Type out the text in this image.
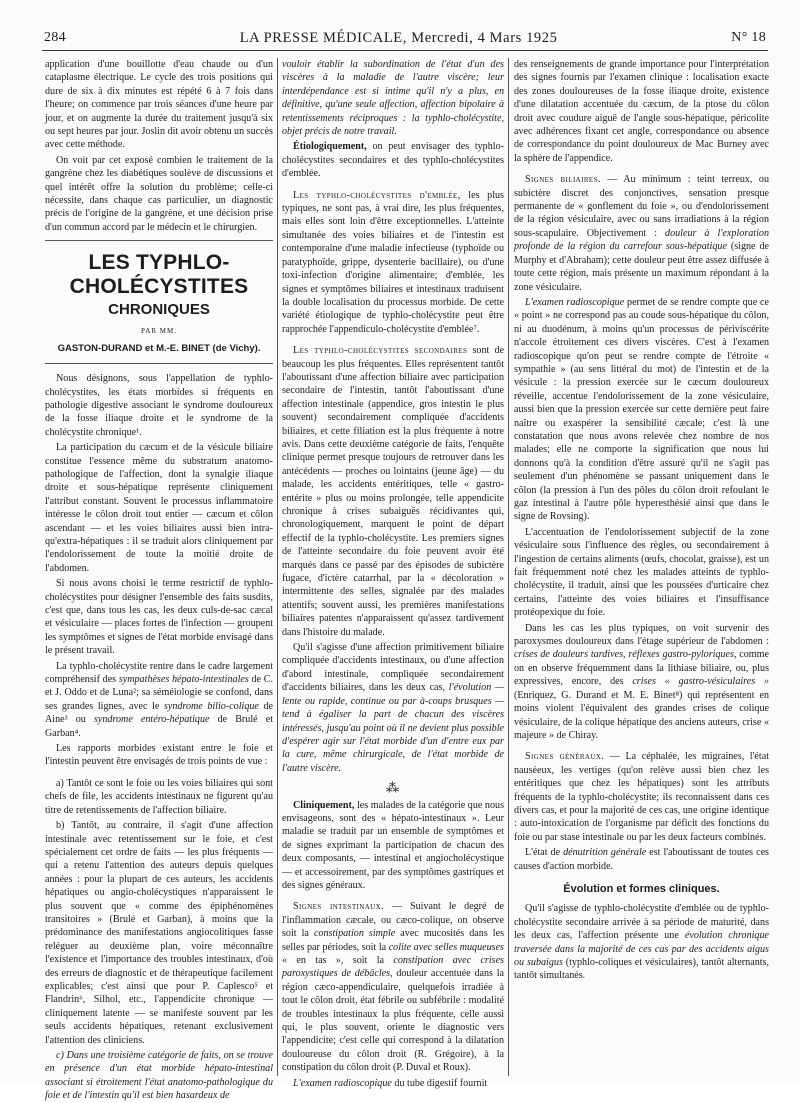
284	LA PRESSE MÉDICALE, Mercredi, 4 Mars 1925	N° 18

application d'une bouillotte d'eau chaude ou d'un cataplasme électrique. Le cycle des trois positions qui dure de six à dix minutes est répété 6 à 7 fois dans l'heure; on commence par trois séances d'une heure par jour, et on augmente la durée du traitement jusqu'à six ou sept heures par jour. Joslin dit avoir obtenu un succès avec cette méthode.

On voit par cet exposé combien le traitement de la gangrène chez les diabétiques soulève de discussions et quel intérêt offre la solution du problème; celle-ci nécessite, dans chaque cas particulier, un diagnostic précis de l'origine de la gangrène, et une décision prise d'un commun accord par le médecin et le chirurgien.

LES TYPHLO-CHOLÉCYSTITES
CHRONIQUES
PAR MM.
GASTON-DURAND et M.-E. BINET (de Vichy).

Nous désignons, sous l'appellation de typhlo-cholécystites, les états morbides si fréquents en pathologie digestive associant le syndrome douloureux de la fosse iliaque droite et le syndrome de la cholécystite chronique¹.

La participation du cæcum et de la vésicule biliaire constitue l'essence même du substratum anatomo-pathologique de l'affection, dont la synalgie iliaque droite et sous-hépatique représente cliniquement l'attribut constant. Souvent le processus inflammatoire intéresse le côlon droit tout entier — cæcum et côlon ascendant — et les voies biliaires aussi bien intra- qu'extra-hépatiques : il se traduit alors cliniquement par l'endolorissement de toute la moitié droite de l'abdomen.

Si nous avons choisi le terme restrictif de typhlo-cholécystites pour désigner l'ensemble des faits susdits, c'est que, dans tous les cas, les deux culs-de-sac cæcal et vésiculaire — places fortes de l'infection — groupent les symptômes et signes de l'état morbide envisagé dans le présent travail.

La typhlo-cholécystite rentre dans le cadre largement compréhensif des sympathèses hépato-intestinales de C. et J. Oddo et de Luna²; sa séméiologie se confond, dans ses grandes lignes, avec le syndrome bilio-colique de Aine³ ou syndrome entéro-hépatique de Brulé et Garban⁴.

Les rapports morbides existant entre le foie et l'intestin peuvent être envisagés de trois points de vue :

a) Tantôt ce sont le foie ou les voies biliaires qui sont chefs de file, les accidents intestinaux ne figurent qu'au titre de retentissements de l'affection biliaire.

b) Tantôt, au contraire, il s'agit d'une affection intestinale avec retentissement sur le foie, et c'est spécialement cet ordre de faits — les plus fréquents — qui a retenu l'attention des auteurs depuis quelques années : pour la plupart de ces auteurs, les accidents hépatiques ou angio-cholécystiques n'apparaissent le plus souvent que « comme des épiphénomènes transitoires » (Brulé et Garban), à moins que la prédominance des manifestations angiocolitiques fasse reléguer au deuxième plan, voire méconnaître l'existence et l'importance des troubles intestinaux, d'où des erreurs de diagnostic et de thérapeutique facilement explicables; c'est ainsi que pour P. Caplesco⁵ et Flandrin⁶, Silhol, etc., l'appendicite chronique — cliniquement latente — se manifeste souvent par les seuls accidents hépatiques, retenant exclusivement l'attention des cliniciens.

c) Dans une troisième catégorie de faits, on se trouve en présence d'un état morbide hépato-intestinal associant si étroitement l'état anatomo-pathologique du foie et de l'intestin qu'il est bien hasardeux de

vouloir établir la subordination de l'état d'un des viscères à la maladie de l'autre viscère; leur interdépendance est si intime qu'il n'y a plus, en définitive, qu'une seule affection, affection bipolaire à retentissements réciproques : la typhlo-cholécystite, objet précis de notre travail.

Étiologiquement, on peut envisager des typhlo-cholécystites secondaires et des typhlo-cholécystites d'emblée.

Les typhlo-cholécystites d'emblée, les plus typiques, ne sont pas, à vrai dire, les plus fréquentes, mais elles sont loin d'être exceptionnelles. L'atteinte simultanée des voies biliaires et de l'intestin est contemporaine d'une maladie infectieuse (typhoïde ou paratyphoïde, grippe, dysenterie bacillaire), ou d'une toxi-infection d'origine alimentaire; d'emblée, les signes et symptômes biliaires et intestinaux traduisent la double localisation du processus morbide. De cette variété étiologique de typhlo-cholécystite peut être rapprochée l'appendiculo-cholécystite d'emblée⁷.

Les typhlo-cholécystites secondaires sont de beaucoup les plus fréquentes. Elles représentent tantôt l'aboutissant d'une affection biliaire avec participation secondaire de l'intestin, tantôt l'aboutissant d'une affection intestinale (appendice, gros intestin le plus souvent) secondairement compliquée d'accidents biliaires, et cette filiation est la plus fréquente à notre avis. Dans cette deuxième catégorie de faits, l'enquête clinique permet presque toujours de retrouver dans les antécédents — proches ou lointains (jeune âge) — du malade, les accidents entéritiques, telle « gastro-entérite » plus ou moins prolongée, telle appendicite chronique à crises subaiguës récidivantes qui, chronologiquement, marquent le point de départ effectif de la typhlo-cholécystite. Les premiers signes de l'atteinte secondaire du foie peuvent avoir été marqués dans ce passé par des épisodes de subictère fugace, d'ictère catarrhal, par la « décoloration » intermittente des selles, signalée par des malades attentifs; souvent aussi, les premières manifestations biliaires patentes n'apparaissent qu'assez tardivement dans l'histoire du malade.

Qu'il s'agisse d'une affection primitivement biliaire compliquée d'accidents intestinaux, ou d'une affection d'abord intestinale, compliquée secondairement d'accidents biliaires, dans les deux cas, l'évolution — lente ou rapide, continue ou par à-coups brusques — tend à égaliser la part de chacun des viscères intéressés, jusqu'au point où il ne devient plus possible d'espérer agir sur l'état morbide d'un d'entre eux par la cure, même chirurgicale, de l'état morbide de l'autre viscère.

⁂

Cliniquement, les malades de la catégorie que nous envisageons, sont des « hépato-intestinaux ». Leur maladie se traduit par un ensemble de symptômes et de signes exprimant la participation de chacun des deux composants, — intestinal et angiocholécystique — et accessoirement, par des symptômes gastriques et des signes généraux.

Signes intestinaux. — Suivant le degré de l'inflammation cæcale, ou cæco-colique, on observe soit la constipation simple avec mucosités dans les selles par périodes, soit la colite avec selles muqueuses « en tas », soit la constipation avec crises paroxystiques de débâcles, douleur accentuée dans la région cæco-appendiculaire, quelquefois irradiée à tout le côlon droit, état fébrile ou subfébrile : modalité de troubles intestinaux la plus fréquente, celle aussi qui, le plus souvent, oriente le diagnostic vers l'appendicite; c'est celle qui correspond à la dilatation douloureuse du côlon droit (R. Grégoire), à la constipation du côlon droit (P. Duval et Roux).

L'examen radioscopique du tube digestif fournit

des renseignements de grande importance pour l'interprétation des signes fournis par l'examen clinique : localisation exacte des zones douloureuses de la fosse iliaque droite, existence d'une dilatation accentuée du cæcum, de la ptose du côlon droit avec coudure aiguë de l'angle sous-hépatique, péricolite avec adhérences fixant cet angle, correspondance ou absence de correspondance du point douloureux de Mac Burney avec la sphère de l'appendice.

Signes biliaires. — Au minimum : teint terreux, ou subictère discret des conjonctives, sensation presque permanente de « gonflement du foie », ou d'endolorissement de la région vésiculaire, avec ou sans irradiations à la région sous-scapulaire. Objectivement : douleur à l'exploration profonde de la région du carrefour sous-hépatique (signe de Murphy et d'Abraham); cette douleur peut être assez diffusée à toute cette région, mais présente un maximum répondant à la zone vésiculaire.

L'examen radioscopique permet de se rendre compte que ce « point » ne correspond pas au coude sous-hépatique du côlon, ni au duodénum, à moins qu'un processus de périviscérite n'accole étroitement ces divers viscères. C'est à l'examen radioscopique qu'on peut se rendre compte de l'étroite « sympathie » (au sens littéral du mot) de l'intestin et de la vésicule : la pression exercée sur le cæcum douloureux réveille, accentue l'endolorissement de la zone vésiculaire, aussi bien que la pression exercée sur cette dernière peut faire naître ou exaspérer la sensibilité cæcale; c'est là une constatation que nous avons relevée chez nombre de nos malades; elle ne comporte la signification que nous lui donnons qu'à la condition d'être assuré qu'il ne s'agit pas seulement d'un phénomène se passant uniquement dans le côlon (la pression à l'un des pôles du côlon droit refoulant le gaz intestinal à l'autre pôle hyperesthésié ainsi que dans le signe de Rovsing).

L'accentuation de l'endolorissement subjectif de la zone vésiculaire sous l'influence des règles, ou secondairement à l'ingestion de certains aliments (œufs, chocolat, graisse), est un fait fréquemment noté chez les malades atteints de typhlo-cholécystite, il traduit, ainsi que les poussées d'urticaire chez certains, l'atteinte des voies biliaires et l'insuffisance protéopexique du foie.

Dans les cas les plus typiques, on voit survenir des paroxysmes douloureux dans l'étage supérieur de l'abdomen : crises de douleurs tardives, réflexes gastro-pyloriques, comme on en observe fréquemment dans la lithiase biliaire, ou, plus expressives, encore, des crises « gastro-vésiculaires » (Enriquez, G. Durand et M. E. Binet⁸) qui représentent en moins violent l'équivalent des grandes crises de colique vésiculaire, de la colique hépatique des anciens auteurs, crise « majeure » de Chiray.

Signes généraux. — La céphalée, les migraines, l'état nauséeux, les vertiges (qu'on relève aussi bien chez les entéritiques que chez les hépatiques) sont les attributs fréquents de la typhlo-cholécystite; ils reconnaissent dans ces divers cas, et pour la majorité de ces cas, une origine identique : auto-intoxication de l'organisme par déficit des fonctions du foie ou par stase intestinale ou par les deux facteurs combinés.

L'état de dénutrition générale est l'aboutissant de toutes ces causes d'action morbide.

Évolution et formes cliniques.

Qu'il s'agisse de typhlo-cholécystite d'emblée ou de typhlo-cholécystite secondaire arrivée à sa période de maturité, dans les deux cas, l'affection présente une évolution chronique traversée dans la majorité de ces cas par des accidents aigus ou subaigus (typhlo-coliques et vésiculaires), tantôt alternants, tantôt simultanés.
